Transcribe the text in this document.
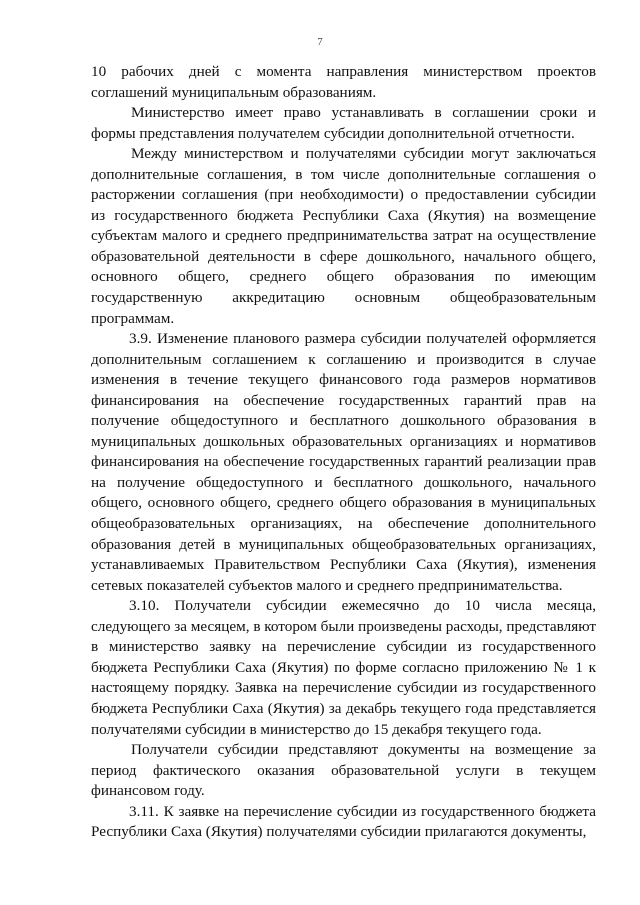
7

10 рабочих дней с момента направления министерством проектов соглашений муниципальным образованиям.

Министерство имеет право устанавливать в соглашении сроки и формы представления получателем субсидии дополнительной отчетности.

Между министерством и получателями субсидии могут заключаться дополнительные соглашения, в том числе дополнительные соглашения о расторжении соглашения (при необходимости) о предоставлении субсидии из государственного бюджета Республики Саха (Якутия) на возмещение субъектам малого и среднего предпринимательства затрат на осуществление образовательной деятельности в сфере дошкольного, начального общего, основного общего, среднего общего образования по имеющим государственную аккредитацию основным общеобразовательным программам.

3.9. Изменение планового размера субсидии получателей оформляется дополнительным соглашением к соглашению и производится в случае изменения в течение текущего финансового года размеров нормативов финансирования на обеспечение государственных гарантий прав на получение общедоступного и бесплатного дошкольного образования в муниципальных дошкольных образовательных организациях и нормативов финансирования на обеспечение государственных гарантий реализации прав на получение общедоступного и бесплатного дошкольного, начального общего, основного общего, среднего общего образования в муниципальных общеобразовательных организациях, на обеспечение дополнительного образования детей в муниципальных общеобразовательных организациях, устанавливаемых Правительством Республики Саха (Якутия), изменения сетевых показателей субъектов малого и среднего предпринимательства.

3.10. Получатели субсидии ежемесячно до 10 числа месяца, следующего за месяцем, в котором были произведены расходы, представляют в министерство заявку на перечисление субсидии из государственного бюджета Республики Саха (Якутия) по форме согласно приложению № 1 к настоящему порядку. Заявка на перечисление субсидии из государственного бюджета Республики Саха (Якутия) за декабрь текущего года представляется получателями субсидии в министерство до 15 декабря текущего года.

Получатели субсидии представляют документы на возмещение за период фактического оказания образовательной услуги в текущем финансовом году.

3.11. К заявке на перечисление субсидии из государственного бюджета Республики Саха (Якутия) получателями субсидии прилагаются документы,
